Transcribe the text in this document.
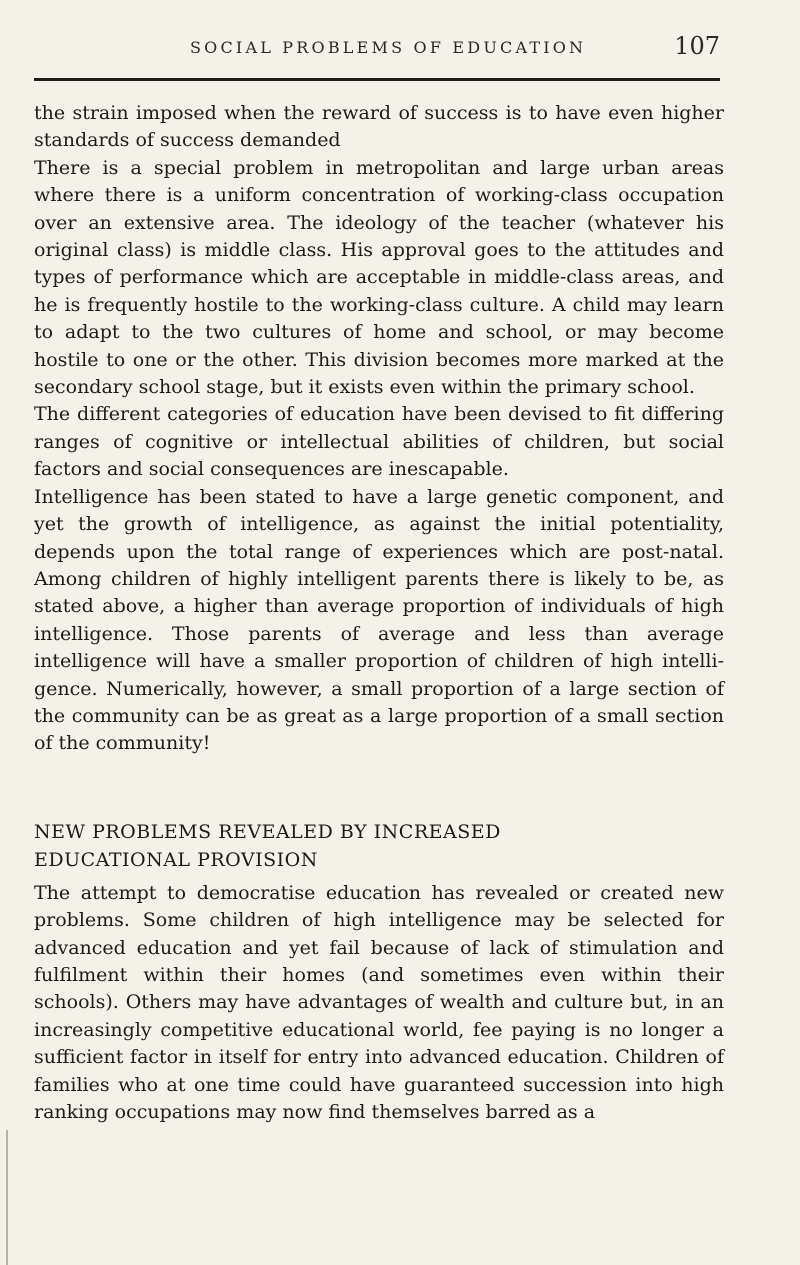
SOCIAL PROBLEMS OF EDUCATION	107

the strain imposed when the reward of success is to have even higher standards of success demanded

There is a special problem in metropolitan and large urban areas where there is a uniform concentration of working-class occupation over an extensive area. The ideology of the teacher (whatever his original class) is middle class. His approval goes to the attitudes and types of performance which are acceptable in middle-class areas, and he is frequently hostile to the working-class culture. A child may learn to adapt to the two cultures of home and school, or may become hostile to one or the other. This division becomes more marked at the secondary school stage, but it exists even within the primary school.

The different categories of education have been devised to fit differing ranges of cognitive or intellectual abilities of children, but social factors and social consequences are inescapable.

Intelligence has been stated to have a large genetic component, and yet the growth of intelligence, as against the initial potentiality, depends upon the total range of experiences which are post-natal. Among children of highly intelligent parents there is likely to be, as stated above, a higher than average proportion of individuals of high intelligence. Those parents of average and less than average intelligence will have a smaller proportion of children of high intelli-gence. Numerically, however, a small proportion of a large section of the community can be as great as a large proportion of a small section of the community!

NEW PROBLEMS REVEALED BY INCREASED EDUCATIONAL PROVISION

The attempt to democratise education has revealed or created new problems. Some children of high intelligence may be selected for advanced education and yet fail because of lack of stimulation and fulfilment within their homes (and sometimes even within their schools). Others may have advantages of wealth and culture but, in an increasingly competitive educational world, fee paying is no longer a sufficient factor in itself for entry into advanced education. Children of families who at one time could have guaranteed succession into high ranking occupations may now find themselves barred as a
